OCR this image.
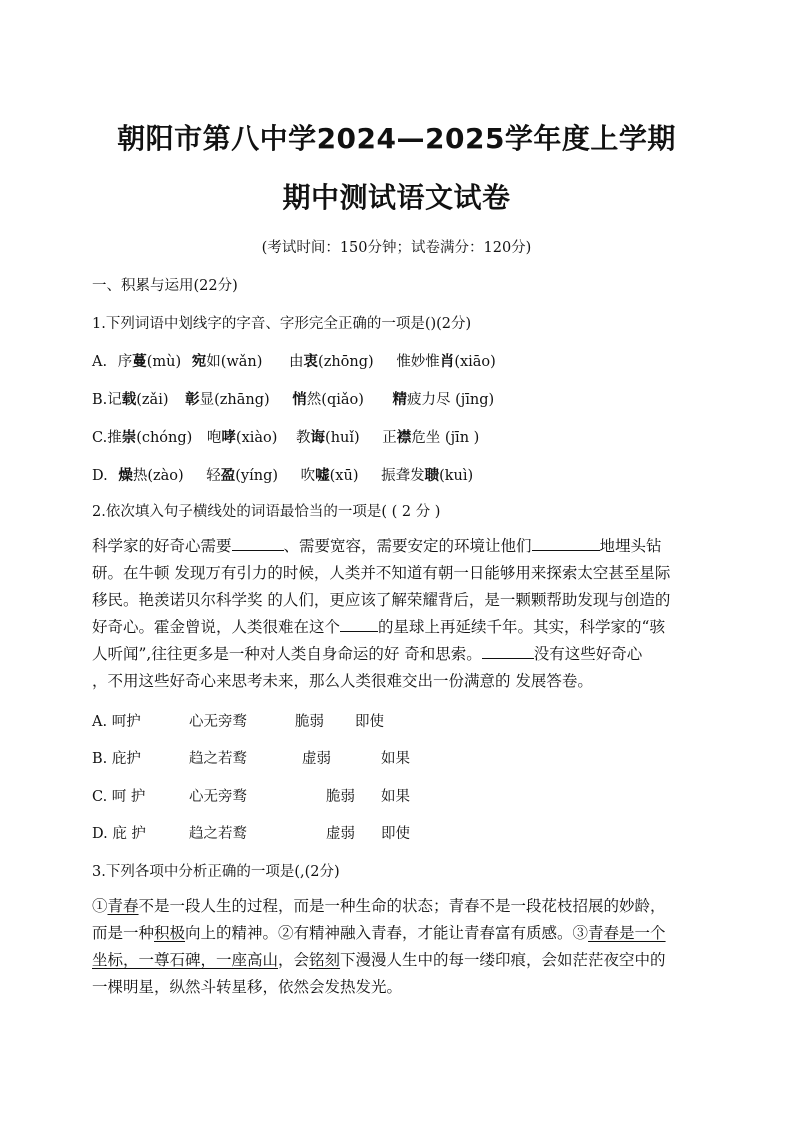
朝阳市第八中学2024—2025学年度上学期
期中测试语文试卷
(考试时间：150分钟；试卷满分：120分)
一、积累与运用(22分)
1.下列词语中划线字的字音、字形完全正确的一项是()(2分)
A. 序蔓(mù) 宛如(wǎn) 由衷(zhōng) 惟妙惟肖(xiāo)
B.记载(zǎi) 彰显(zhāng) 悄然(qiǎo) 精疲力尽 (jīng)
C.推崇(chóng) 咆哮(xiào) 教诲(huǐ) 正襟危坐 (jīn )
D. 燥热(zào) 轻盈(yíng) 吹嘘(xū) 振聋发聩(kuì)
2.依次填入句子横线处的词语最恰当的一项是( ( 2 分 )

科学家的好奇心需要	、需要宽容，需要安定的环境让他们	地埋头钻

研。在牛顿 发现万有引力的时候，人类并不知道有朝一日能够用来探索太空甚至星际

移民。艳羡诺贝尔科学奖 的人们，更应该了解荣耀背后，是一颗颗帮助发现与创造的

好奇心。霍金曾说，人类很难在这个 的星球上再延续千年。其实，科学家的“骇

人听闻”,往往更多是一种对人类自身命运的好 奇和思索。	没有这些好奇心

，不用这些好奇心来思考未来，那么人类很难交出一份满意的 发展答卷。

A. 呵护	心无旁骛	脆弱 即使
B. 庇护	趋之若鹜	虚弱	如果
C. 呵 护	心无旁骛	脆弱 如果
D. 庇 护	趋之若鹜	虚弱 即使
3.下列各项中分析正确的一项是(,(2分)

①青春不是一段人生的过程，而是一种生命的状态；青春不是一段花枝招展的妙龄，

而是一种积极向上的精神。②有精神融入青春，才能让青春富有质感。③青春是一个

坐标，一尊石碑，一座高山，会铭刻下漫漫人生中的每一缕印痕，会如茫茫夜空中的

一棵明星，纵然斗转星移，依然会发热发光。
